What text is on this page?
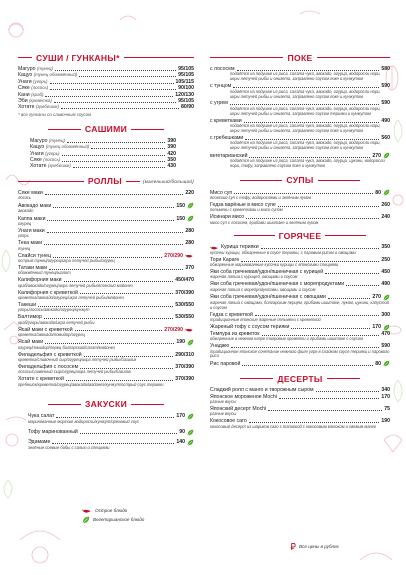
СУШИ / ГУНКАНЫ*
Магуро (тунец)	95/105
Кацуо (тунец обожжённый)	95/105
Унаги (угорь)	105/115
Сяке (лосось)	90/100
Кани (краб)	120/130
Эби (креветка)	95/105
Хотате (гребешок)	80/90
* все гунканы со сливочным соусом
САШИМИ
Магуро (тунец)	390
Кацуо (тунец обожжённый)	390
Унаги (угорь)	420
Сяке (лосось)	350
Хотате (гребешок)	430
РОЛЛЫ	(маленький/большой)
Сяке маки	220
лосось
Авокадо маки	150
авокадо
Каппа маки	150
огурец
Унаги маки	280
угорь
Тека маки	280
тунец
Спайси тунец	270/290
острый тунец/огурец/икра летучей рыбы/огурец
Татаки маки	370
обожжённый тунец/шалот
Калифорния маки	450/470
краб/авокадо/огурец/икра летучей рыбы/японский майонез
Калифорния с креветкой	370/390
креветка/авокадо/огурец/икра летучей рыбы/майонез
Такеши	530/550
угорь/лосось/авокадо/огурец/кунжут
Балтимор	530/550
краб/угорь/авокадо/икра летучей рыбы
Ясай маки с креветкой	270/290
креветка/авокадо/помидор/огурец
Ясай маки	190
огурец/помидор/перец болгарский/салат/майонез
Филадельфия с креветкой	290/310
креветка/сливочный сыр/огурец/икра летучей рыбы/базилик
Филадельфия с лососем	370/390
лосось/сливочный сыр/огурец/икра летучей рыбы/базилик
Хотате с креветкой	370/390
гребешок/креветка/огурец/авокадо/майонез/кунжут/острый соус терияки
ЗАКУСКИ
Чука салат	170
маринованные морские водоросли/кунжут/ореховый соус
Тофу маринованный	90
Эдамаме	140
зелёные соевые бобы с солью и специями
ПОКЕ
с лососем	580
подаётся на подушке из риса, салата чука, авокадо, огурца, водоросли нори, икры летучей рыбы и онигета, заправлено соусом поке и кунжутом
с тунцом	590
подаётся на подушке из риса, салата чука, авокадо, огурца, водоросли нори, икры летучей рыбы и онигета, заправлено соусом поке и кунжутом
с угрем	590
подаётся на подушке из риса, салата чука, авокадо, огурца, водоросли нори, икры летучей рыбы и онигета, заправлено соусом терияки и кунжутом
с креветками	490
подаётся на подушке из риса, салата чука, авокадо, огурца, водоросли нори, икры летучей рыбы и онигета, заправлено соусом поке и кунжутом
с гребешками	560
подаётся на подушке из риса, салата чука, авокадо, огурца, водоросли нори, икры летучей рыбы и онигета, заправлено соусом поке и кунжутом
вегетарианский	270
подаётся на подушке из риса, салата чука, авокадо, огурца, цукини, водоросли нори, тофу, заправлено соусом поке и кунжутом
СУПЫ
Мисо суп	80
японский суп с тофу, водорослями и зелёным луком
Гедза варёные в мисо супе	260
пельмени с креветками и мисо супом
Исинари мисо	240
мисо суп с лососем, грибами шиитаке и зелёным луком
ГОРЯЧЕЕ
Курица терияки	350
кусочки курицы, обжаренные в соусе терияки, с паровым рисом и овощами
Тори Караге	250
обжаренные маринованные кусочки курицы с японскими специями
Яки соба гречневая/удон/пшеничная с курицей	450
жареная лапша с курицей, овощами и соусом
Яки соба гречневая/удон/пшеничная с морепродуктами	490
жареная лапша с морепродуктами, овощами и соусом
Яки соба гречневая/удон/пшеничная с овощами	270
жареная лапша с овощами, болгарским перцем, грибами шиитаке, луком, цукини, капустой и соусом
Гедза с креветкой	300
традиционные японские жареные пельмени с креветкой
Жареный тофу с соусом терияки	170
Темпура из креветок	470
обжаренные в нежном кляре тигровые креветки и грибами шиитаке с соусом
Унаджю	590
традиционное японское сочетание нежного филе угря в сладком соусе терияки и парового риса
Рис паровой	80
ДЕСЕРТЫ
Сладкий ролл с манго и творожным сыром	340
Японское мороженое Mochi	170
разные вкусы
Японский десерт Mochi	75
разные вкусы
Кокосовое саго	190
кокосовый десерт из шариков саго с тапиокой с кокосовым молоком и свежим манго
Острое блюдо
Вегетарианское блюдо
Все цены в рублях
